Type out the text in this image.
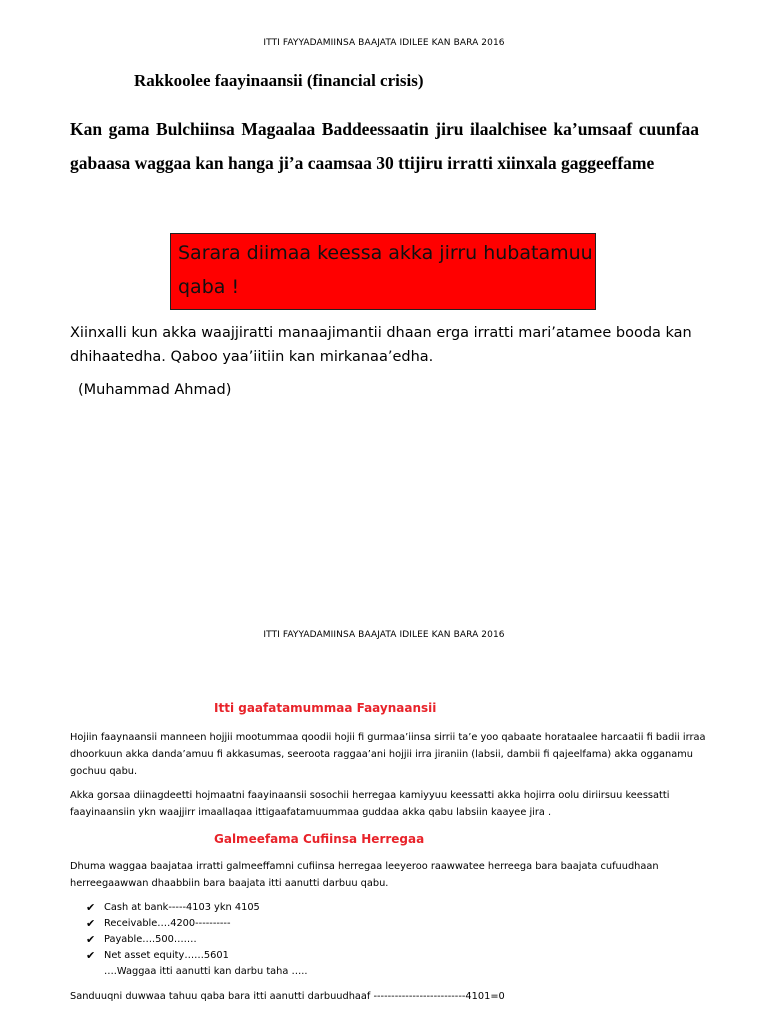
ITTI FAYYADAMIINSA BAAJATA IDILEE KAN BARA 2016
Rakkoolee faayinaansii (financial crisis)
Kan gama Bulchiinsa Magaalaa Baddeessaatin jiru ilaalchisee ka’umsaaf cuunfaa gabaasa waggaa kan hanga ji’a caamsaa 30 ttijiru irratti xiinxala gaggeeffame
Sarara diimaa keessa akka jirru hubatamuu qaba !
Xiinxalli kun akka waajjiratti manaajimantii dhaan erga irratti mari’atamee booda kan dhihaatedha. Qaboo yaa’iitiin kan mirkanaa’edha.
(Muhammad Ahmad)
ITTI FAYYADAMIINSA BAAJATA IDILEE KAN BARA 2016
Itti gaafatamummaa Faaynaansii
Hojiin faaynaansii manneen hojjii mootummaa qoodii hojii fi gurmaa’iinsa sirrii ta’e yoo qabaate horataalee harcaatii fi badii irraa dhoorkuun akka danda’amuu fi akkasumas, seeroota raggaa’ani hojjii irra jiraniin (labsii, dambii fi qajeelfama) akka ogganamu gochuu qabu.
Akka gorsaa diinagdeetti hojmaatni faayinaansii sosochii herregaa kamiyyuu keessatti akka hojirra oolu diriirsuu keessatti faayinaansiin ykn waajjirr imaallaqaa ittigaafatamuummaa guddaa akka qabu labsiin kaayee jira .
Galmeefama Cufiinsa Herregaa
Dhuma waggaa baajataa irratti galmeeffamni cufiinsa herregaa leeyeroo raawwatee herreega bara baajata cufuudhaan herreegaawwan dhaabbiin bara baajata itti aanutti darbuu qabu.
✔ Cash at bank-----4103 ykn 4105
✔ Receivable….4200----------
✔ Payable….500…….
✔ Net asset equity……5601
….Waggaa itti aanutti kan darbu taha …..
Sanduuqni duwwaa tahuu qaba bara itti aanutti darbuudhaaf --------------------------4101=0
